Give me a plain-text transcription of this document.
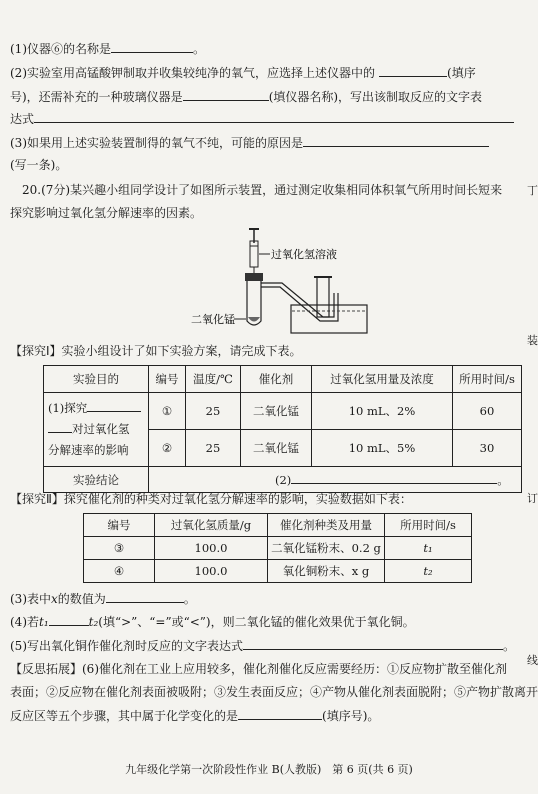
(1)仪器⑥的名称是	。
(2)实验室用高锰酸钾制取并收集较纯净的氧气，应选择上述仪器中的	(填序
号)，还需补充的一种玻璃仪器是	(填仪器名称)，写出该制取反应的文字表
达式
(3)如果用上述实验装置制得的氧气不纯，可能的原因是
(写一条)。
20.(7分)某兴趣小组同学设计了如图所示装置，通过测定收集相同体积氧气所用时间长短来
探究影响过氧化氢分解速率的因素。
过氧化氢溶液
二氧化锰
【探究Ⅰ】实验小组设计了如下实验方案，请完成下表。
实验目的	编号	温度/℃	催化剂	过氧化氢用量及浓度	所用时间/s
(1)探究
对过氧化氢
分解速率的影响	①	25	二氧化锰	10 mL、2%	60
	②	25	二氧化锰	10 mL、5%	30
实验结论	(2) 。				
【探究Ⅱ】探究催化剂的种类对过氧化氢分解速率的影响，实验数据如下表：
编号	过氧化氢质量/g	催化剂种类及用量	所用时间/s
③	100.0	二氧化锰粉末、0.2 g	t₁
④	100.0	氧化铜粉末、x g	t₂
(3)表中x的数值为	。
(4)若t₁	t₂(填“>”、“=”或“<”)，则二氧化锰的催化效果优于氧化铜。
(5)写出氧化铜作催化剂时反应的文字表达式	。
【反思拓展】(6)催化剂在工业上应用较多，催化剂催化反应需要经历：①反应物扩散至催化剂
表面；②反应物在催化剂表面被吸附；③发生表面反应；④产物从催化剂表面脱附；⑤产物扩散离开
反应区等五个步骤，其中属于化学变化的是	(填序号)。
丁
装
订
线
九年级化学第一次阶段性作业 B(人教版)　第 6 页(共 6 页)
